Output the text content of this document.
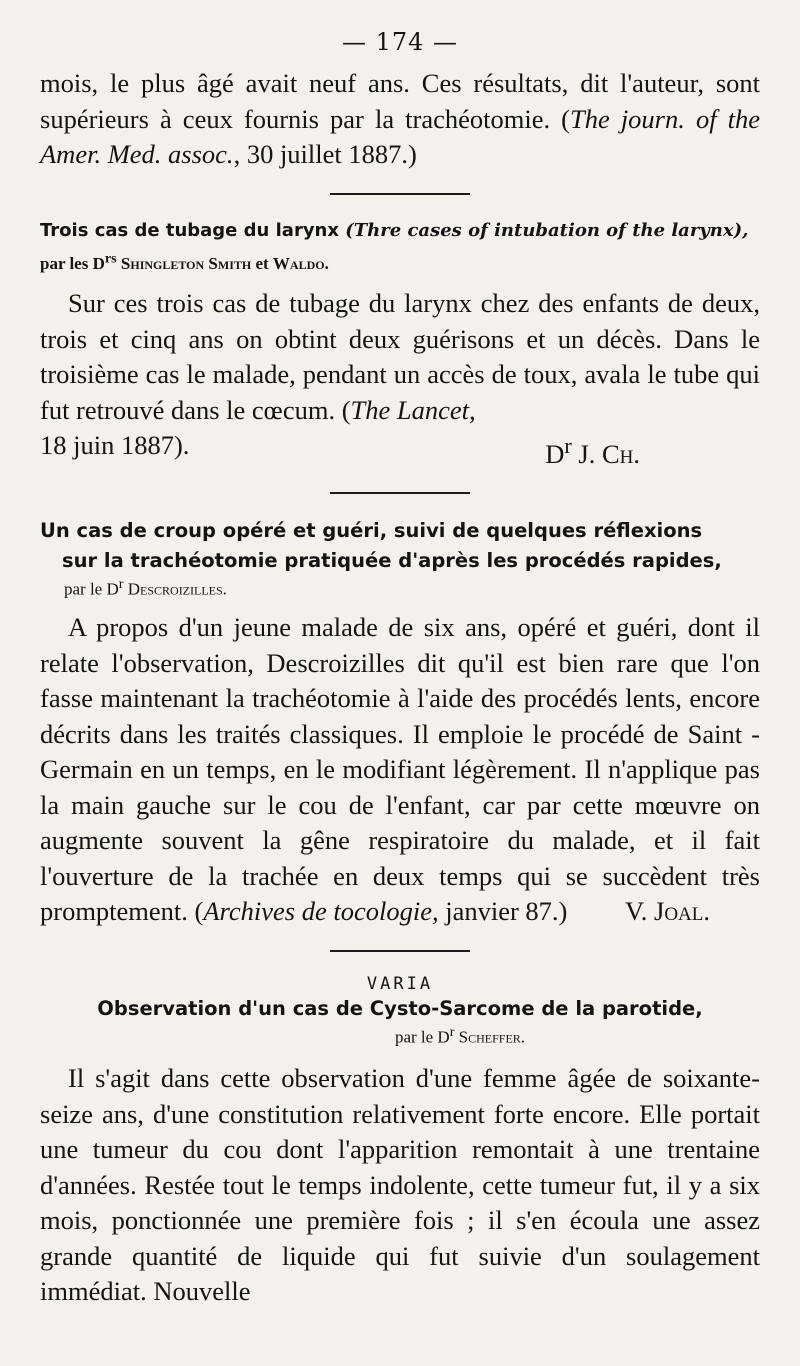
— 174 —

mois, le plus âgé avait neuf ans. Ces résultats, dit l'auteur, sont supérieurs à ceux fournis par la trachéotomie. (The journ. of the Amer. Med. assoc., 30 juillet 1887.)

Trois cas de tubage du larynx (Thre cases of intubation of the larynx), par les $D^{rs}$ Shingleton Smith et Waldo.

Sur ces trois cas de tubage du larynx chez des enfants de deux, trois et cinq ans on obtint deux guérisons et un décès. Dans le troisième cas le malade, pendant un accès de toux, avala le tube qui fut retrouvé dans le cœcum. (The Lancet,

18 juin 1887).	$D^r$ J. Ch.
Un cas de croup opéré et guéri, suivi de quelques réflexions
sur la trachéotomie pratiquée d'après les procédés rapides,
par le $D^r$ Descroizilles.

A propos d'un jeune malade de six ans, opéré et guéri, dont il relate l'observation, Descroizilles dit qu'il est bien rare que l'on fasse maintenant la trachéotomie à l'aide des procédés lents, encore décrits dans les traités classiques. Il emploie le procédé de Saint - Germain en un temps, en le modifiant légèrement. Il n'applique pas la main gauche sur le cou de l'enfant, car par cette mœuvre on augmente souvent la gêne respiratoire du malade, et il fait l'ouverture de la trachée en deux temps qui se succèdent très promptement. (Archives de tocologie, janvier 87.)	V. Joal.
VARIA
Observation d'un cas de Cysto-Sarcome de la parotide,
par le $D^r$ Scheffer.

Il s'agit dans cette observation d'une femme âgée de soixante-seize ans, d'une constitution relativement forte encore. Elle portait une tumeur du cou dont l'apparition remontait à une trentaine d'années. Restée tout le temps indolente, cette tumeur fut, il y a six mois, ponctionnée une première fois ; il s'en écoula une assez grande quantité de liquide qui fut suivie d'un soulagement immédiat. Nouvelle
